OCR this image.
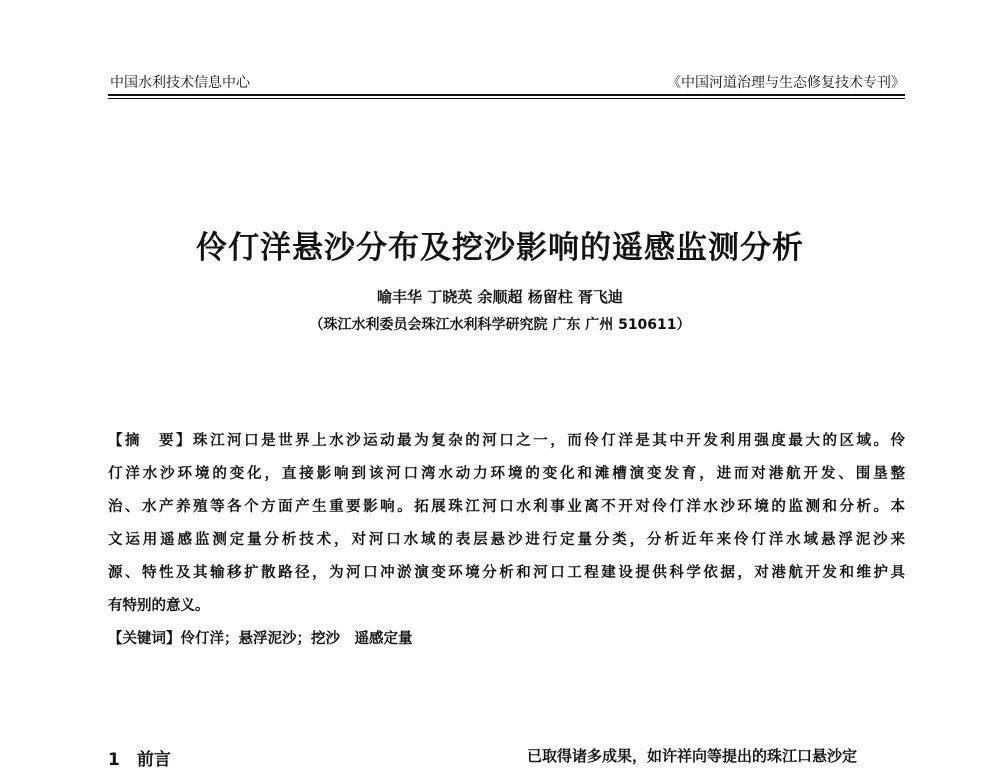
中国水利技术信息中心	《中国河道治理与生态修复技术专刊》
伶仃洋悬沙分布及挖沙影响的遥感监测分析
喻丰华 丁晓英 余顺超 杨留柱 胥飞迪
（珠江水利委员会珠江水利科学研究院 广东 广州 510611）
【摘　要】珠江河口是世界上水沙运动最为复杂的河口之一，而伶仃洋是其中开发利用强度最大的区域。伶
仃洋水沙环境的变化，直接影响到该河口湾水动力环境的变化和滩槽演变发育，进而对港航开发、围垦整
治、水产养殖等各个方面产生重要影响。拓展珠江河口水利事业离不开对伶仃洋水沙环境的监测和分析。本
文运用遥感监测定量分析技术，对河口水域的表层悬沙进行定量分类，分析近年来伶仃洋水域悬浮泥沙来
源、特性及其输移扩散路径，为河口冲淤演变环境分析和河口工程建设提供科学依据，对港航开发和维护具
有特别的意义。
【关键词】伶仃洋；悬浮泥沙；挖沙　遥感定量
1　前言	已取得诸多成果，如许祥向等提出的珠江口悬沙定
